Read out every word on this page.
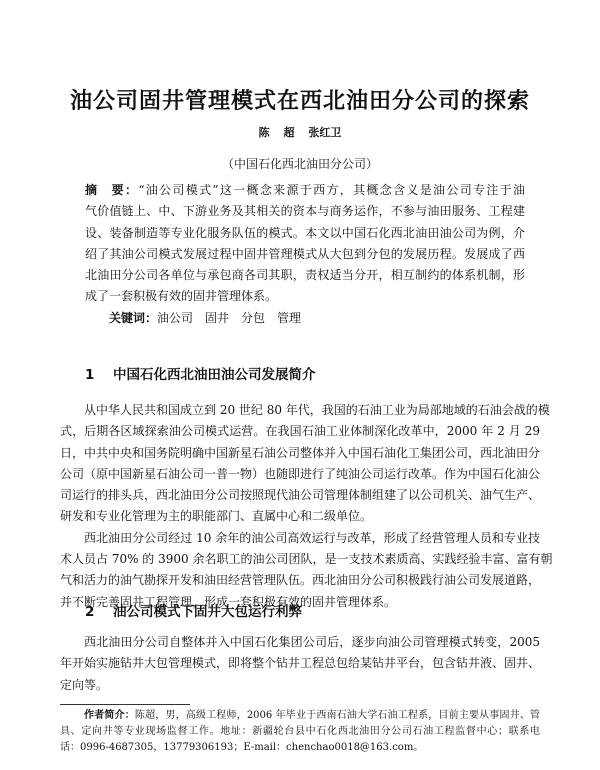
油公司固井管理模式在西北油田分公司的探索
陈 超 张红卫
（中国石化西北油田分公司）
摘　要：“油公司模式”这一概念来源于西方，其概念含义是油公司专注于油
气价值链上、中、下游业务及其相关的资本与商务运作，不参与油田服务、工程建
设、装备制造等专业化服务队伍的模式。本文以中国石化西北油田油公司为例，介
绍了其油公司模式发展过程中固井管理模式从大包到分包的发展历程。发展成了西
北油田分公司各单位与承包商各司其职，责权适当分开，相互制约的体系机制，形
成了一套积极有效的固井管理体系。
关键词：油公司　固井　分包　管理
1 中国石化西北油田油公司发展简介
从中华人民共和国成立到 20 世纪 80 年代，我国的石油工业为局部地域的石油会战的模
式，后期各区域探索油公司模式运营。在我国石油工业体制深化改革中，2000 年 2 月 29
日，中共中央和国务院明确中国新星石油公司整体并入中国石油化工集团公司，西北油田分
公司（原中国新星石油公司一普一物）也随即进行了纯油公司运行改革。作为中国石化油公
司运行的排头兵，西北油田分公司按照现代油公司管理体制组建了以公司机关、油气生产、
研发和专业化管理为主的职能部门、直属中心和二级单位。
西北油田分公司经过 10 余年的油公司高效运行与改革，形成了经营管理人员和专业技
术人员占 70% 的 3900 余名职工的油公司团队，是一支技术素质高、实践经验丰富、富有朝
气和活力的油气勘探开发和油田经营管理队伍。西北油田分公司积极践行油公司发展道路，
并不断完善固井工程管理，形成一套积极有效的固井管理体系。
2 油公司模式下固井大包运行利弊
西北油田分公司自整体并入中国石化集团公司后，逐步向油公司管理模式转变，2005
年开始实施钻井大包管理模式，即将整个钻井工程总包给某钻井平台，包含钻井液、固井、
定向等。
作者简介：陈超，男，高级工程师，2006 年毕业于西南石油大学石油工程系，目前主要从事固井、管
具、定向井等专业现场监督工作。地址：新疆轮台县中石化西北油田分公司石油工程监督中心；联系电
话：0996-4687305，13779306193；E-mail：chenchao0018@163.com。
